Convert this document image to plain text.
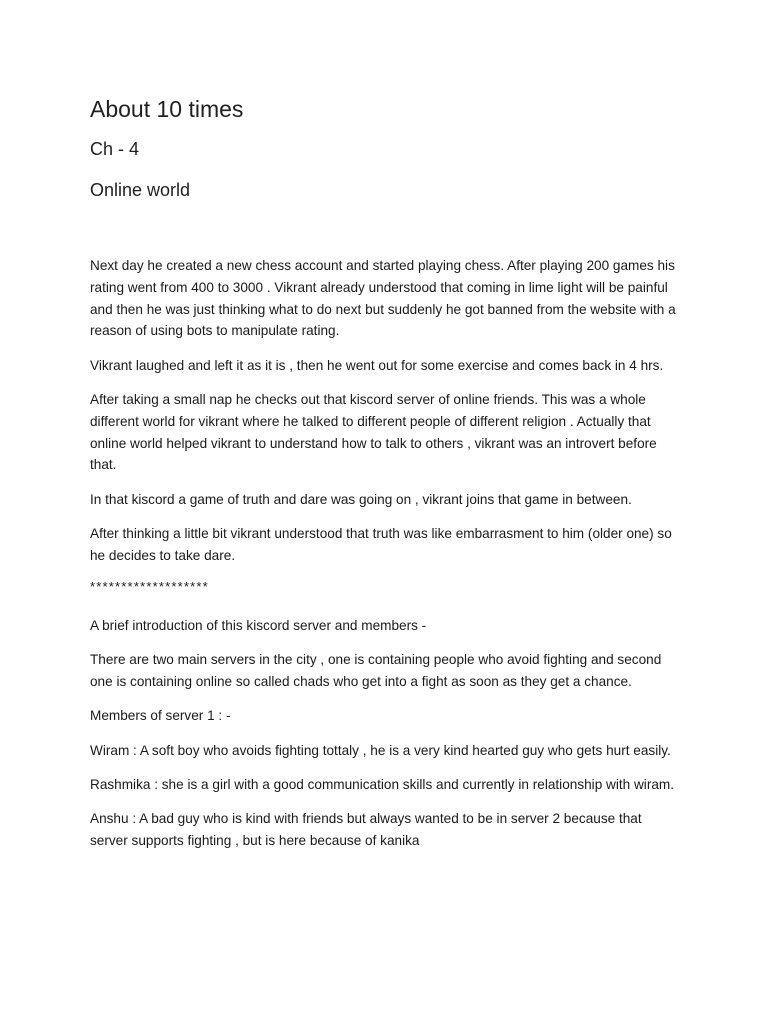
About 10 times
Ch - 4
Online world

Next day he created a new chess account and started playing chess. After playing 200 games his rating went from 400 to 3000 . Vikrant already understood that coming in lime light will be painful and then he was just thinking what to do next but suddenly he got banned from the website with a reason of using bots to manipulate rating.

Vikrant laughed and left it as it is , then he went out for some exercise and comes back in 4 hrs.

After taking a small nap he checks out that kiscord server of online friends. This was a whole different world for vikrant where he talked to different people of different religion . Actually that online world helped vikrant to understand how to talk to others , vikrant was an introvert before that.

In that kiscord a game of truth and dare was going on , vikrant joins that game in between.

After thinking a little bit vikrant understood that truth was like embarrasment to him (older one) so he decides to take dare.

*******************

A brief introduction of this kiscord server and members -

There are two main servers in the city , one is containing people who avoid fighting and second one is containing online so called chads who get into a fight as soon as they get a chance.

Members of server 1 : -

Wiram : A soft boy who avoids fighting tottaly , he is a very kind hearted guy who gets hurt easily.

Rashmika : she is a girl with a good communication skills and currently in relationship with wiram.

Anshu : A bad guy who is kind with friends but always wanted to be in server 2 because that server supports fighting , but is here because of kanika
